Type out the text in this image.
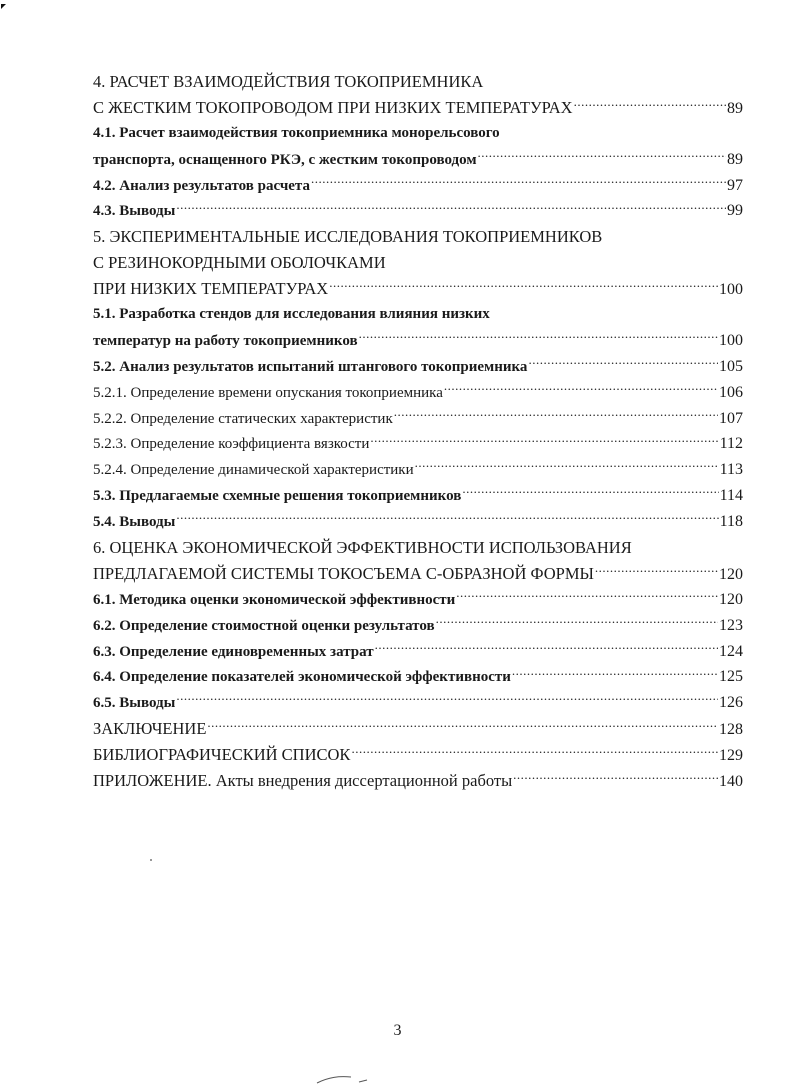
4. РАСЧЕТ ВЗАИМОДЕЙСТВИЯ ТОКОПРИЕМНИКА
С ЖЕСТКИМ ТОКОПРОВОДОМ ПРИ НИЗКИХ ТЕМПЕРАТУРАХ .....	89
4.1. Расчет взаимодействия токоприемника монорельсового
транспорта, оснащенного РКЭ, с жестким токопроводом .....	89
4.2. Анализ результатов расчета .....	97
4.3. Выводы .....	99
5. ЭКСПЕРИМЕНТАЛЬНЫЕ ИССЛЕДОВАНИЯ ТОКОПРИЕМНИКОВ
С РЕЗИНОКОРДНЫМИ ОБОЛОЧКАМИ
ПРИ НИЗКИХ ТЕМПЕРАТУРАХ .....	100
5.1. Разработка стендов для исследования влияния низких
температур на работу токоприемников .....	100
5.2. Анализ результатов испытаний штангового токоприемника .....	105
5.2.1. Определение времени опускания токоприемника .....	106
5.2.2. Определение статических характеристик .....	107
5.2.3. Определение коэффициента вязкости .....	112
5.2.4. Определение динамической характеристики .....	113
5.3. Предлагаемые схемные решения токоприемников .....	114
5.4. Выводы .....	118
6. ОЦЕНКА ЭКОНОМИЧЕСКОЙ ЭФФЕКТИВНОСТИ ИСПОЛЬЗОВАНИЯ
ПРЕДЛАГАЕМОЙ СИСТЕМЫ ТОКОСЪЕМА С-ОБРАЗНОЙ ФОРМЫ .....	120
6.1. Методика оценки экономической эффективности .....	120
6.2. Определение стоимостной оценки результатов .....	123
6.3. Определение единовременных затрат .....	124
6.4. Определение показателей экономической эффективности .....	125
6.5. Выводы .....	126
ЗАКЛЮЧЕНИЕ .....	128
БИБЛИОГРАФИЧЕСКИЙ СПИСОК .....	129
ПРИЛОЖЕНИЕ. Акты внедрения диссертационной работы .....	140
3
